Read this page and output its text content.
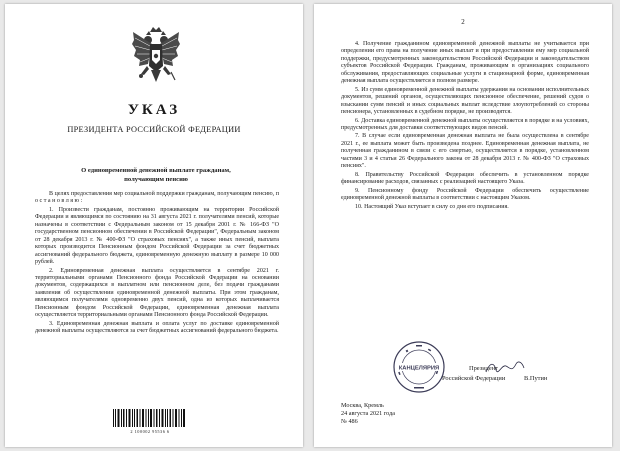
УКАЗ
ПРЕЗИДЕНТА РОССИЙСКОЙ ФЕДЕРАЦИИ
О единовременной денежной выплате гражданам,
получающим пенсию

В целях предоставления мер социальной поддержки гражданам, получающим пенсию, п о с т а н о в л я ю :

1. Произвести гражданам, постоянно проживающим на территории Российской Федерации и являющимся по состоянию на 31 августа 2021 г. получателями пенсий, которые назначены в соответствии с Федеральным законом от 15 декабря 2001 г. № 166-ФЗ "О государственном пенсионном обеспечении в Российской Федерации", Федеральным законом от 28 декабря 2013 г. № 400-ФЗ "О страховых пенсиях", а также иных пенсий, выплата которых производится Пенсионным фондом Российской Федерации за счет бюджетных ассигнований федерального бюджета, единовременную денежную выплату в размере 10 000 рублей.

2. Единовременная денежная выплата осуществляется в сентябре 2021 г. территориальными органами Пенсионного фонда Российской Федерации на основании документов, содержащихся в выплатном или пенсионном деле, без подачи гражданами заявления об осуществлении единовременной денежной выплаты. При этом гражданам, являющимся получателями одновременно двух пенсий, одна из которых выплачивается Пенсионным фондом Российской Федерации, единовременная денежная выплата осуществляется территориальными органами Пенсионного фонда Российской Федерации.

3. Единовременная денежная выплата и оплата услуг по доставке единовременной денежной выплаты осуществляются за счет бюджетных ассигнований федерального бюджета.

2 100002 95536 6
2

4. Получение гражданином единовременной денежной выплаты не учитывается при определении его права на получение иных выплат и при предоставлении ему мер социальной поддержки, предусмотренных законодательством Российской Федерации и законодательством субъектов Российской Федерации. Гражданам, проживающим в организациях социального обслуживания, предоставляющих социальные услуги в стационарной форме, единовременная денежная выплата осуществляется в полном размере.

5. Из сумм единовременной денежной выплаты удержания на основании исполнительных документов, решений органов, осуществляющих пенсионное обеспечение, решений судов о взыскании сумм пенсий и иных социальных выплат вследствие злоупотреблений со стороны пенсионера, установленных в судебном порядке, не производятся.

6. Доставка единовременной денежной выплаты осуществляется в порядке и на условиях, предусмотренных для доставки соответствующих видов пенсий.

7. В случае если единовременная денежная выплата не была осуществлена в сентябре 2021 г., ее выплата может быть произведена позднее. Единовременная денежная выплата, не полученная гражданином в связи с его смертью, осуществляется в порядке, установленном частями 3 и 4 статьи 26 Федерального закона от 28 декабря 2013 г. № 400-ФЗ "О страховых пенсиях".

8. Правительству Российской Федерации обеспечить в установленном порядке финансирование расходов, связанных с реализацией настоящего Указа.

9. Пенсионному фонду Российской Федерации обеспечить осуществление единовременной денежной выплаты в соответствии с настоящим Указом.

10. Настоящий Указ вступает в силу со дня его подписания.

КАНЦЕЛЯРИЯ	Президент
Российской Федерации	В.Путин
Москва, Кремль
24 августа 2021 года
№ 486
